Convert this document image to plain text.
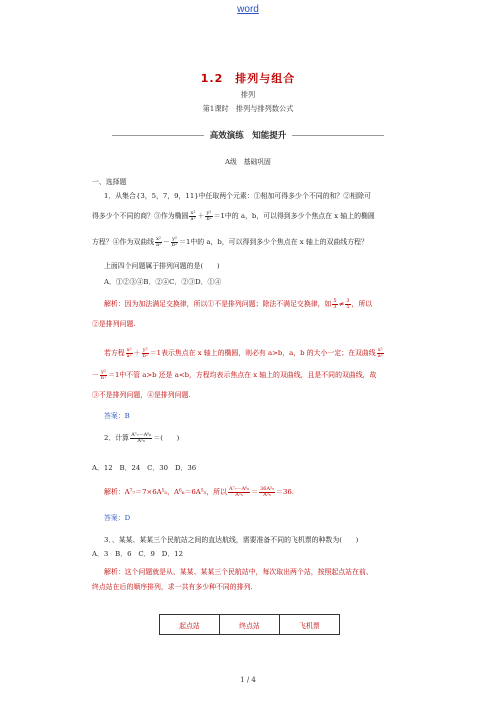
word
1.2　排列与组合
排列
第1课时　排列与排列数公式
高效演练　知能提升
A级　基础巩固
一、选择题
1．从集合{3，5，7，9，11}中任取两个元素：①相加可得多少个不同的和？②相除可
得多少个不同的商？③作为椭圆 $\frac{\text{x²}}{\text{a²}} + \frac{\text{y²}}{\text{b²}} =1$中的 a，b，可以得到多少个焦点在 x 轴上的椭圆
方程？④作为双曲线 $\frac{\text{x²}}{\text{a²}} - \frac{\text{y²}}{\text{b²}} =1$中的 a，b，可以得到多少个焦点在 x 轴上的双曲线方程？
上面四个问题属于排列问题的是(　　)
A．①②③④B．②④C．②③D．①④
解析：因为加法满足交换律，所以①不是排列问题；除法不满足交换律，如 $\frac{5}{3} \ne \frac{3}{5}$ ，所以
②是排列问题.
若方程 $\frac{\text{x²}}{\text{a²}} + \frac{\text{y²}}{\text{b²}} =1$表示焦点在 x 轴上的椭圆，则必有 a>b，a，b 的大小一定；在双曲线 $\frac{\text{x²}}{\text{a²}}$
－ $\frac{\text{y²}}{\text{b²}} =1$中不管 a>b 还是 a<b，方程均表示焦点在 x 轴上的双曲线，且是不同的双曲线，故
③不是排列问题，④是排列问题.
答案：B
2．计算 $\frac{\text{A⁷₇－A⁶₆}}{\text{A⁵₅}}$ ＝(　　)
A．12　B．24　C．30　D．36
解析：A⁷₇＝7×6A⁵₅，A⁶₆＝6A⁵₅，所以 $\frac{\text{A⁷₇－A⁶₆}}{\text{A⁵₅}} = \frac{\text{36A⁵₅}}{\text{A⁵₅}} =36$.
答案：D
3．、某某、某某三个民航站之间的直达航线，需要准备不同的飞机票的种数为(　　)
A．3　B．6　C．9　D．12
解析：这个问题就是从、某某、某某三个民航站中，每次取出两个站，按照起点站在前、
终点站在后的顺序排列，求一共有多少种不同的排列.
起点站	终点站	飞机票
1 / 4
